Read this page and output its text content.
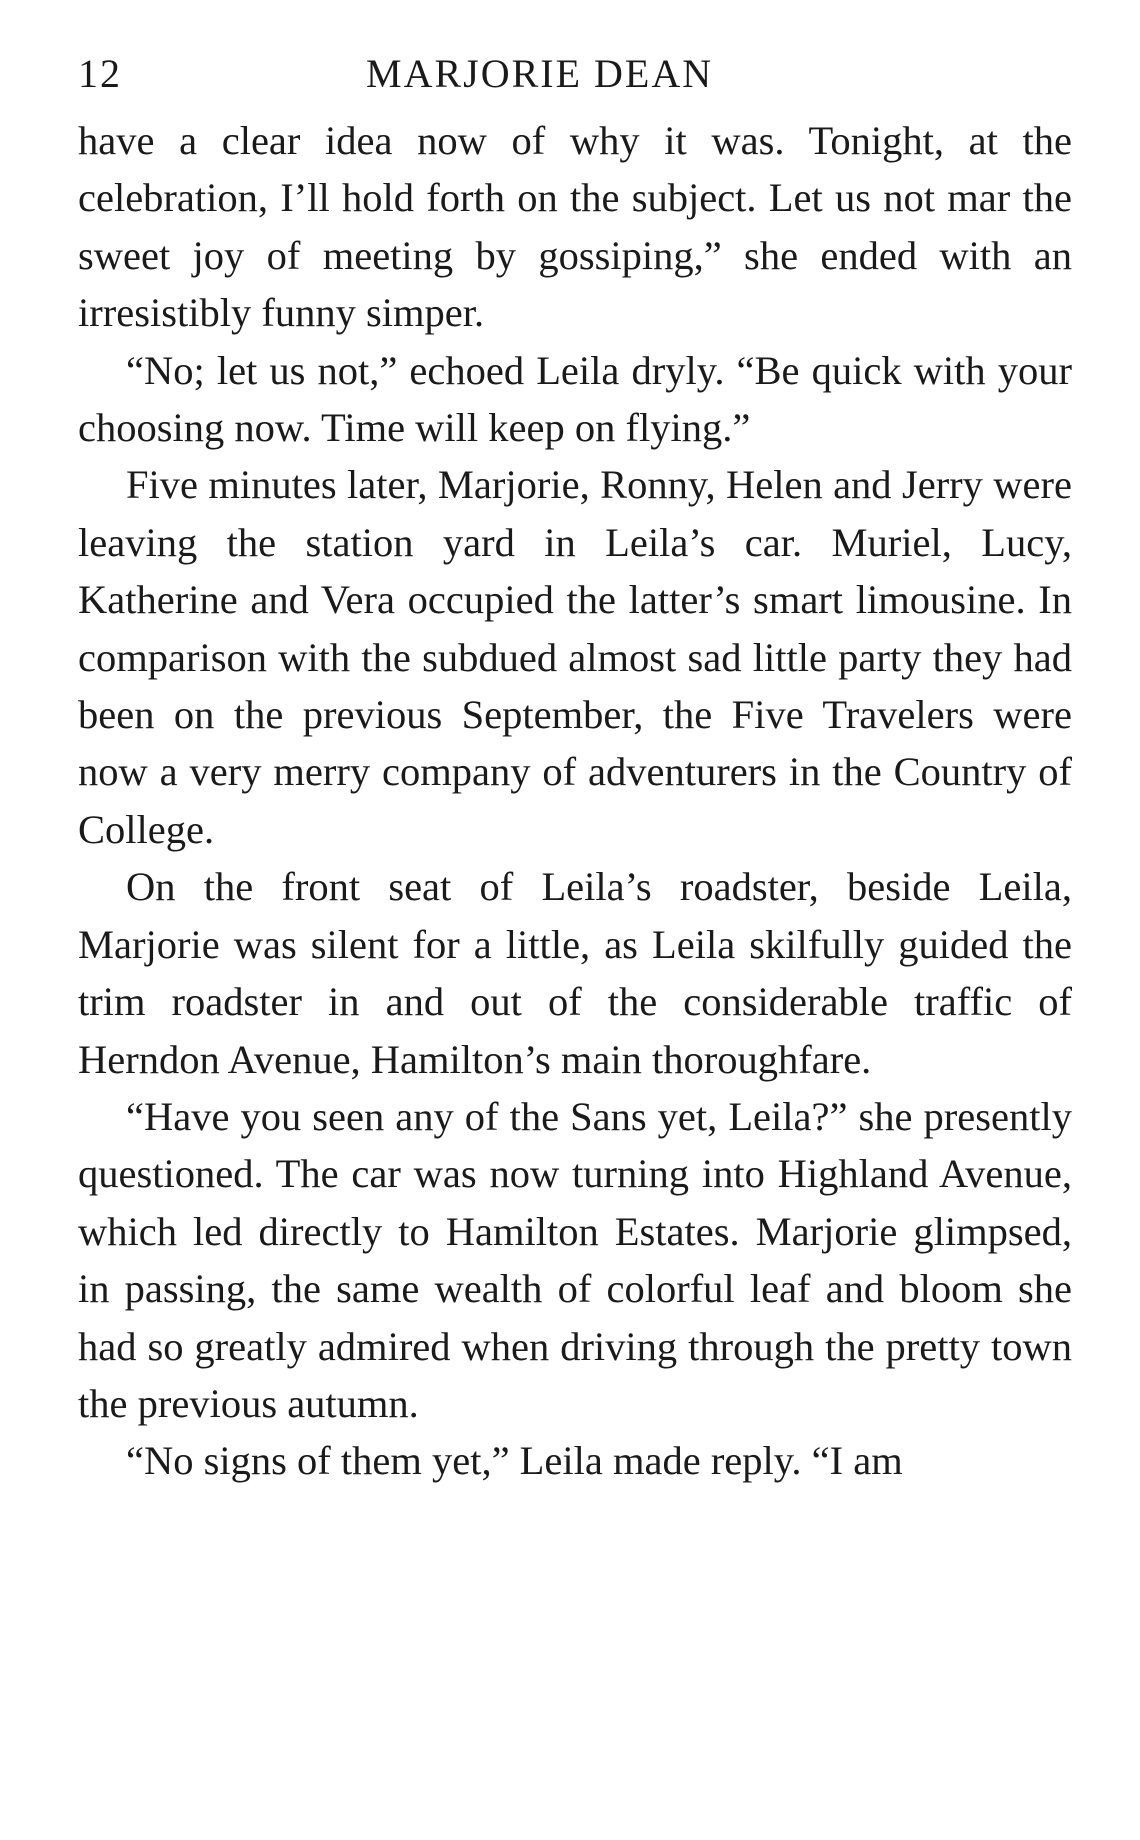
12	MARJORIE DEAN

have a clear idea now of why it was. Tonight, at the celebration, I’ll hold forth on the subject. Let us not mar the sweet joy of meeting by gossiping,” she ended with an irresistibly funny simper.

“No; let us not,” echoed Leila dryly. “Be quick with your choosing now. Time will keep on flying.”

Five minutes later, Marjorie, Ronny, Helen and Jerry were leaving the station yard in Leila’s car. Muriel, Lucy, Katherine and Vera occupied the latter’s smart limousine. In comparison with the subdued almost sad little party they had been on the previous September, the Five Travelers were now a very merry company of adventurers in the Country of College.

On the front seat of Leila’s roadster, beside Leila, Marjorie was silent for a little, as Leila skilfully guided the trim roadster in and out of the considerable traffic of Herndon Avenue, Hamilton’s main thoroughfare.

“Have you seen any of the Sans yet, Leila?” she presently questioned. The car was now turning into Highland Avenue, which led directly to Hamilton Estates. Marjorie glimpsed, in passing, the same wealth of colorful leaf and bloom she had so greatly admired when driving through the pretty town the previous autumn.

“No signs of them yet,” Leila made reply. “I am
